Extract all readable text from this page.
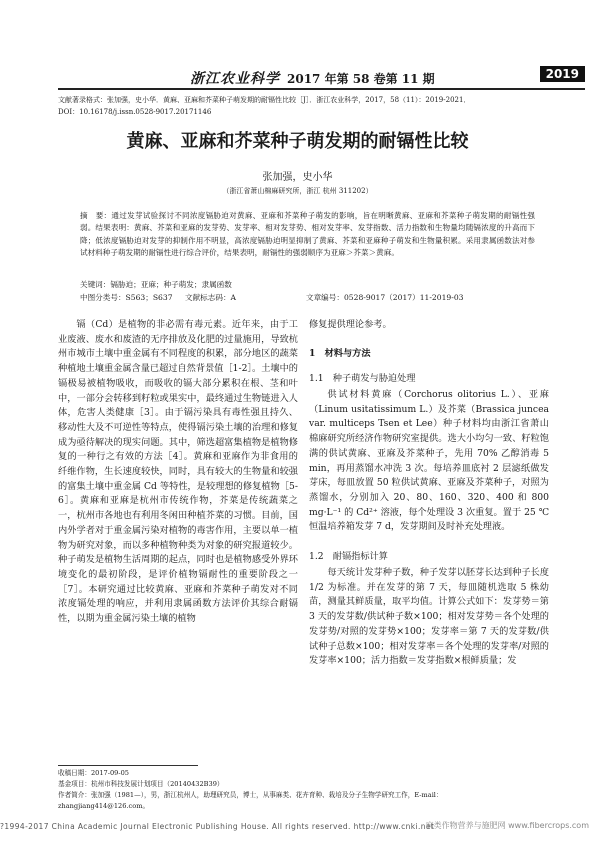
浙江农业科学 2017 年第 58 卷第 11 期	2019
文献著录格式：张加强，史小华．黄麻、亚麻和芥菜种子萌发期的耐镉性比较［J］．浙江农业科学，2017，58（11）：2019-2021．
DOI：10.16178/j.issn.0528-9017.20171146
黄麻、亚麻和芥菜种子萌发期的耐镉性比较
张加强，史小华
（浙江省萧山棉麻研究所，浙江 杭州 311202）
摘　要：通过发芽试验探讨不同浓度镉胁迫对黄麻、亚麻和芥菜种子萌发的影响，旨在明晰黄麻、亚麻和芥菜种子萌发期的耐镉性强弱。结果表明：黄麻、芥菜和亚麻的发芽势、发芽率、相对发芽势、相对发芽率、发芽指数、活力指数和生物量均随镉浓度的升高而下降；低浓度镉胁迫对发芽的抑制作用不明显，高浓度镉胁迫明显抑制了黄麻、芥菜和亚麻种子萌发和生物量积累。采用隶属函数法对参试材料种子萌发期的耐镉性进行综合评价，结果表明，耐镉性的强弱顺序为亚麻＞芥菜＞黄麻。
关键词：镉胁迫；亚麻；种子萌发；隶属函数
中图分类号：S563；S637 文献标志码：A	文章编号：0528-9017（2017）11-2019-03
镉（Cd）是植物的非必需有毒元素。近年来，由于工业废液、废水和废渣的无序排放及化肥的过量施用，导致杭州市城市土壤中重金属有不同程度的积累，部分地区的蔬菜种植地土壤重金属含量已超过自然背景值［1-2］。土壤中的镉极易被植物吸收，而吸收的镉大部分累积在根、茎和叶中，一部分会转移到籽粒或果实中，最终通过生物链进入人体，危害人类健康［3］。由于镉污染具有毒性强且持久、移动性大及不可逆性等特点，使得镉污染土壤的治理和修复成为亟待解决的现实问题。其中，筛选超富集植物是植物修复的一种行之有效的方法［4］。黄麻和亚麻作为非食用的纤维作物，生长速度较快，同时，具有较大的生物量和较强的富集土壤中重金属 Cd 等特性，是较理想的修复植物［5-6］。黄麻和亚麻是杭州市传统作物，芥菜是传统蔬菜之一，杭州市各地也有利用冬闲田种植芥菜的习惯。目前，国内外学者对于重金属污染对植物的毒害作用，主要以单一植物为研究对象，而以多种植物种类为对象的研究报道较少。种子萌发是植物生活周期的起点，同时也是植物感受外界环境变化的最初阶段，是评价植物镉耐性的重要阶段之一［7］。本研究通过比较黄麻、亚麻和芥菜种子萌发对不同浓度镉处理的响应，并利用隶属函数方法评价其综合耐镉性，以期为重金属污染土壤的植物
修复提供理论参考。
1　材料与方法
1.1　种子萌发与胁迫处理
供试材料黄麻（Corchorus olitorius L.）、亚麻（Linum usitatissimum L.）及芥菜（Brassica juncea var. multiceps Tsen et Lee）种子材料均由浙江省萧山棉麻研究所经济作物研究室提供。选大小均匀一致、籽粒饱满的供试黄麻、亚麻及芥菜种子，先用 70% 乙醇消毒 5 min，再用蒸馏水冲洗 3 次。每培养皿底衬 2 层滤纸做发芽床，每皿放置 50 粒供试黄麻、亚麻及芥菜种子，对照为蒸馏水，分别加入 20、80、160、320、400 和 800 mg·L⁻¹ 的 Cd²⁺ 溶液，每个处理设 3 次重复。置于 25 ℃ 恒温培养箱发芽 7 d，发芽期间及时补充处理液。
1.2　耐镉指标计算
每天统计发芽种子数，种子发芽以胚芽长达到种子长度 1/2 为标准。并在发芽的第 7 天，每皿随机选取 5 株幼苗，测量其鲜质量，取平均值。计算公式如下：发芽势＝第 3 天的发芽数/供试种子数×100；相对发芽势＝各个处理的发芽势/对照的发芽势×100；发芽率＝第 7 天的发芽数/供试种子总数×100；相对发芽率＝各个处理的发芽率/对照的发芽率×100；活力指数＝发芽指数×根鲜质量；发
收稿日期：2017-09-05
基金项目：杭州市科技发展计划项目（20140432B39）
作者简介：张加强（1981—），男，浙江杭州人，助理研究员，博士，从事麻类、花卉育种、栽培及分子生物学研究工作，E-mail：
zhangjiang414@126.com。
?1994-2017 China Academic Journal Electronic Publishing House. All rights reserved. http://www.cnki.net
麻类作物营养与施肥网 www.fibercrops.com
